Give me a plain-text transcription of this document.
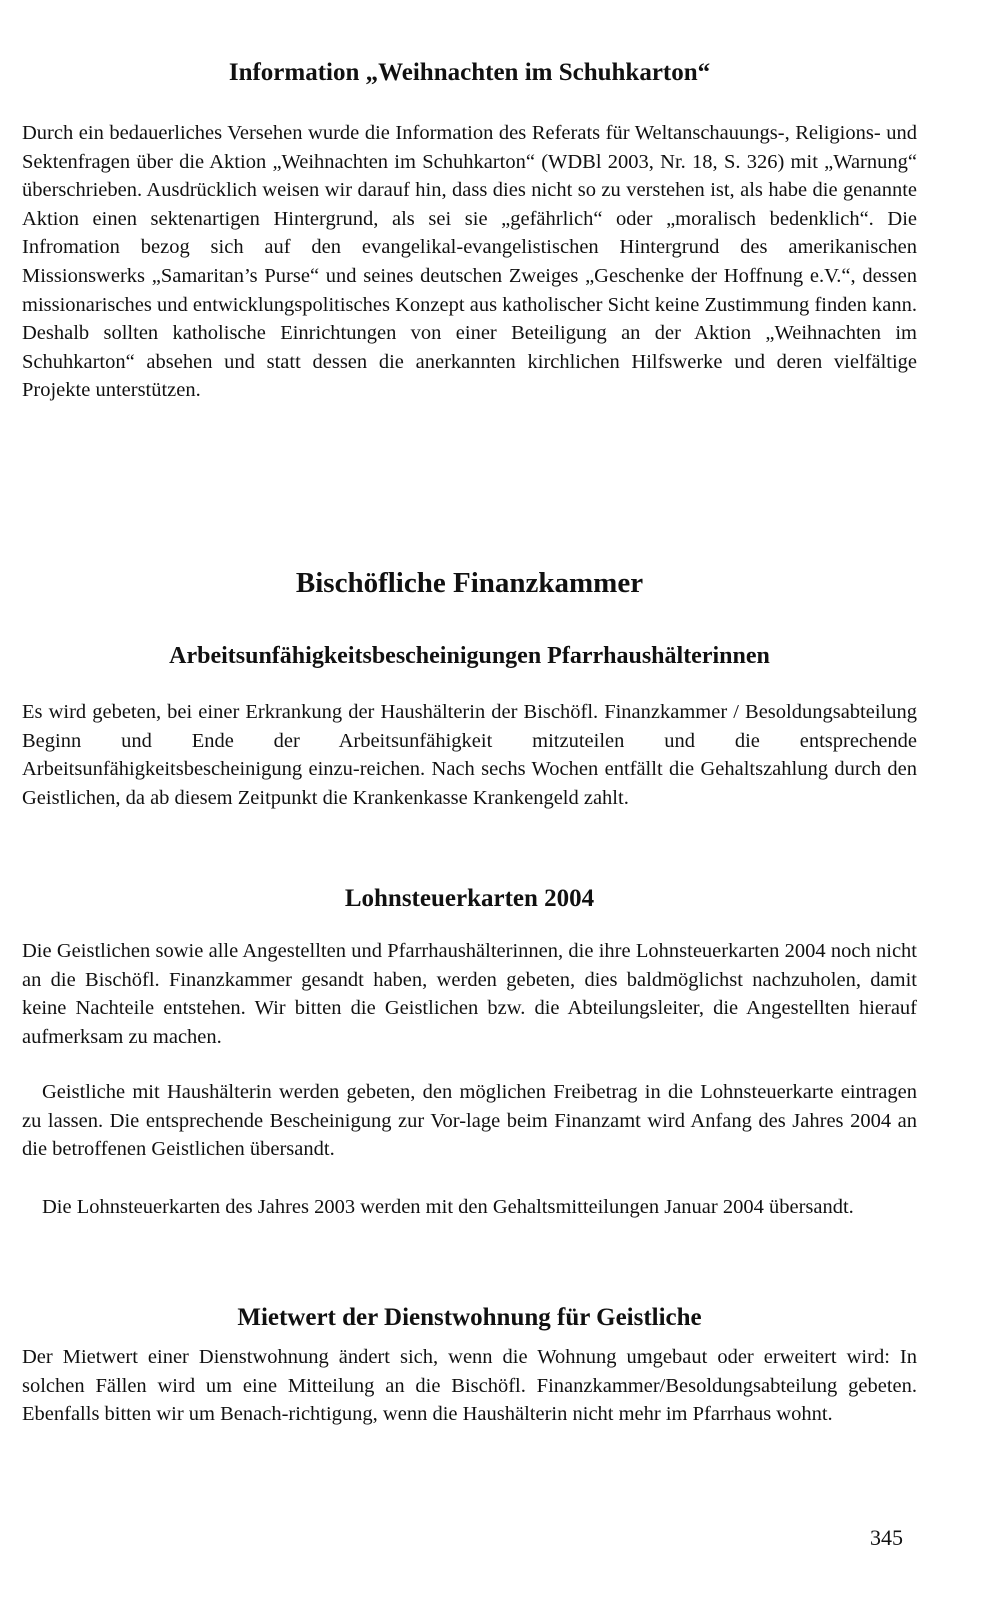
Information „Weihnachten im Schuhkarton“

Durch ein bedauerliches Versehen wurde die Information des Referats für Weltanschauungs-, Religions- und Sektenfragen über die Aktion „Weihnachten im Schuhkarton“ (WDBl 2003, Nr. 18, S. 326) mit „Warnung“ überschrieben. Ausdrücklich weisen wir darauf hin, dass dies nicht so zu verstehen ist, als habe die genannte Aktion einen sektenartigen Hintergrund, als sei sie „gefährlich“ oder „moralisch bedenklich“. Die Infromation bezog sich auf den evangelikal-evangelistischen Hintergrund des amerikanischen Missionswerks „Samaritan’s Purse“ und seines deutschen Zweiges „Geschenke der Hoffnung e.V.“, dessen missionarisches und entwicklungspolitisches Konzept aus katholischer Sicht keine Zustimmung finden kann. Deshalb sollten katholische Einrichtungen von einer Beteiligung an der Aktion „Weihnachten im Schuhkarton“ absehen und statt dessen die anerkannten kirchlichen Hilfswerke und deren vielfältige Projekte unterstützen.

Bischöfliche Finanzkammer
Arbeitsunfähigkeitsbescheinigungen Pfarrhaushälterinnen

Es wird gebeten, bei einer Erkrankung der Haushälterin der Bischöfl. Finanzkammer / Besoldungsabteilung Beginn und Ende der Arbeitsunfähigkeit mitzuteilen und die entsprechende Arbeitsunfähigkeitsbescheinigung einzu-reichen. Nach sechs Wochen entfällt die Gehaltszahlung durch den Geistlichen, da ab diesem Zeitpunkt die Krankenkasse Krankengeld zahlt.

Lohnsteuerkarten 2004

Die Geistlichen sowie alle Angestellten und Pfarrhaushälterinnen, die ihre Lohnsteuerkarten 2004 noch nicht an die Bischöfl. Finanzkammer gesandt haben, werden gebeten, dies baldmöglichst nachzuholen, damit keine Nachteile entstehen. Wir bitten die Geistlichen bzw. die Abteilungsleiter, die Angestellten hierauf aufmerksam zu machen.

Geistliche mit Haushälterin werden gebeten, den möglichen Freibetrag in die Lohnsteuerkarte eintragen zu lassen. Die entsprechende Bescheinigung zur Vor-lage beim Finanzamt wird Anfang des Jahres 2004 an die betroffenen Geistlichen übersandt.

Die Lohnsteuerkarten des Jahres 2003 werden mit den Gehaltsmitteilungen Januar 2004 übersandt.

Mietwert der Dienstwohnung für Geistliche

Der Mietwert einer Dienstwohnung ändert sich, wenn die Wohnung umgebaut oder erweitert wird: In solchen Fällen wird um eine Mitteilung an die Bischöfl. Finanzkammer/Besoldungsabteilung gebeten. Ebenfalls bitten wir um Benach-richtigung, wenn die Haushälterin nicht mehr im Pfarrhaus wohnt.

345
